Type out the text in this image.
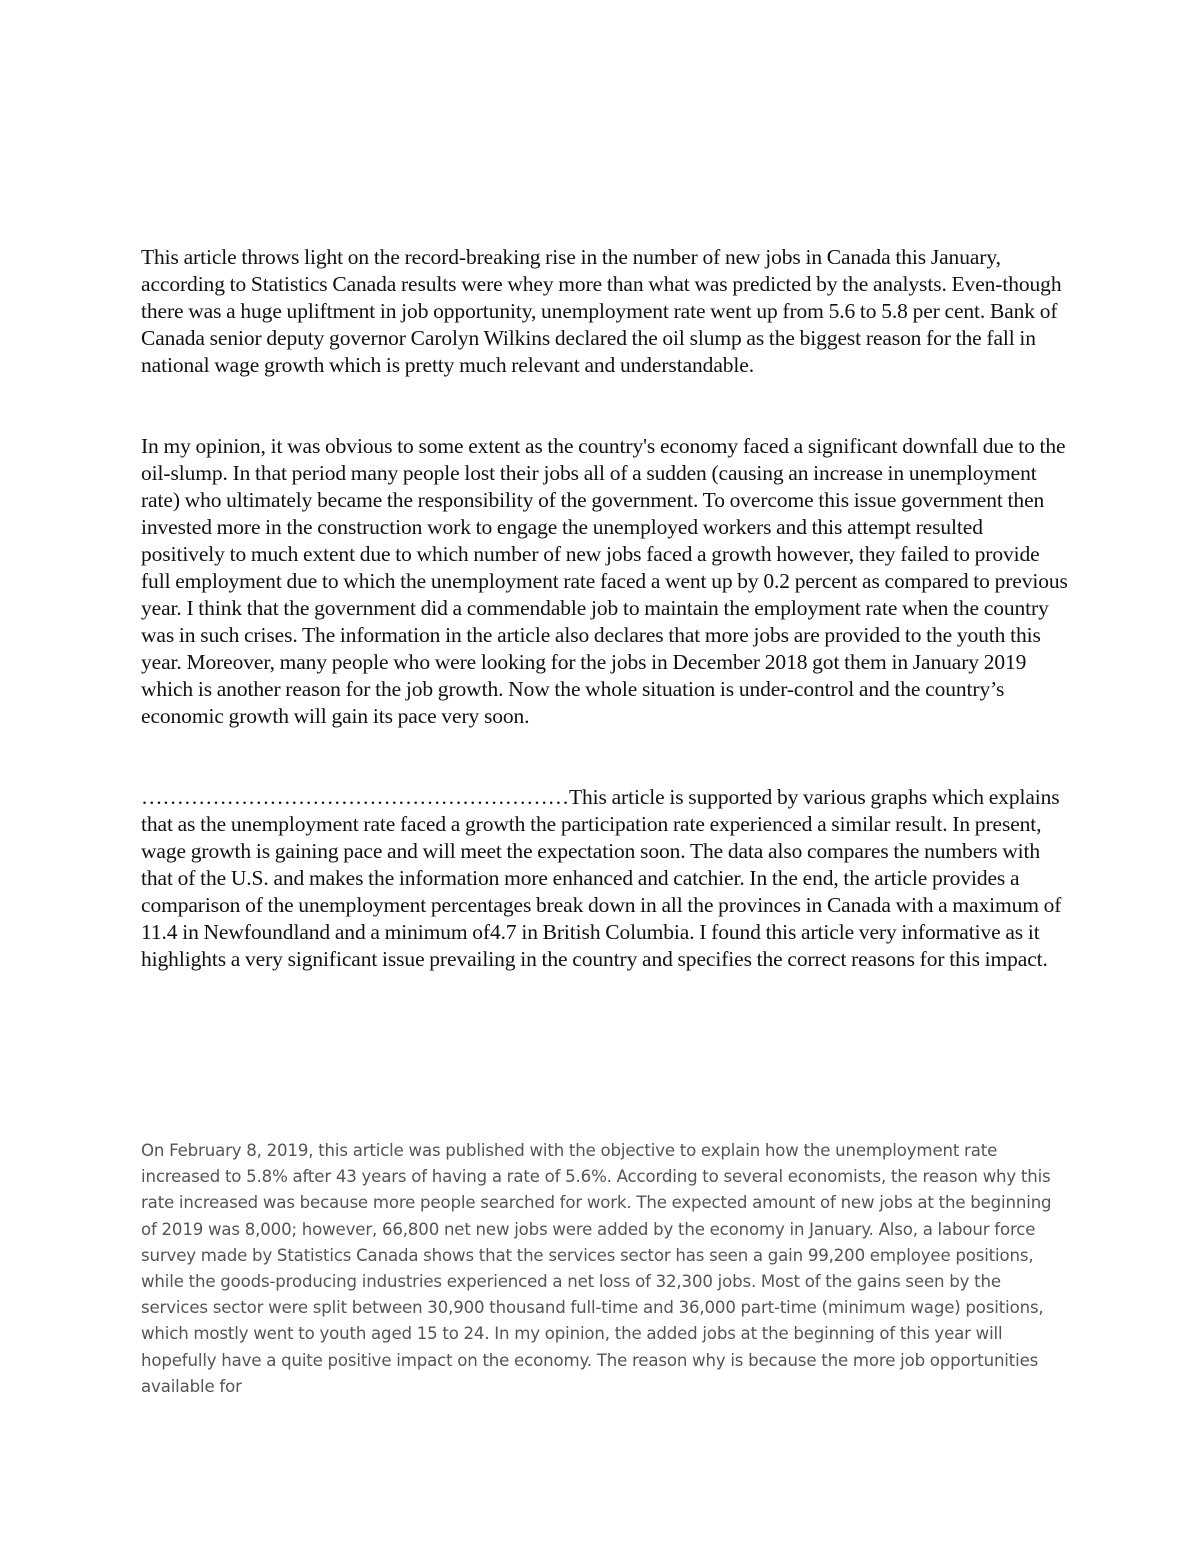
This article throws light on the record-breaking rise in the number of new jobs in Canada this January, according to Statistics Canada results were whey more than what was predicted by the analysts. Even-though there was a huge upliftment in job opportunity, unemployment rate went up from 5.6 to 5.8 per cent. Bank of Canada senior deputy governor Carolyn Wilkins declared the oil slump as the biggest reason for the fall in national wage growth which is pretty much relevant and understandable.

In my opinion, it was obvious to some extent as the country's economy faced a significant downfall due to the oil-slump. In that period many people lost their jobs all of a sudden (causing an increase in unemployment rate) who ultimately became the responsibility of the government. To overcome this issue government then invested more in the construction work to engage the unemployed workers and this attempt resulted positively to much extent due to which number of new jobs faced a growth however, they failed to provide full employment due to which the unemployment rate faced a went up by 0.2 percent as compared to previous year. I think that the government did a commendable job to maintain the employment rate when the country was in such crises. The information in the article also declares that more jobs are provided to the youth this year. Moreover, many people who were looking for the jobs in December 2018 got them in January 2019 which is another reason for the job growth. Now the whole situation is under-control and the country’s economic growth will gain its pace very soon.

……………………………………………………This article is supported by various graphs which explains that as the unemployment rate faced a growth the participation rate experienced a similar result. In present, wage growth is gaining pace and will meet the expectation soon. The data also compares the numbers with that of the U.S. and makes the information more enhanced and catchier. In the end, the article provides a comparison of the unemployment percentages break down in all the provinces in Canada with a maximum of 11.4 in Newfoundland and a minimum of4.7 in British Columbia. I found this article very informative as it highlights a very significant issue prevailing in the country and specifies the correct reasons for this impact.

On February 8, 2019, this article was published with the objective to explain how the unemployment rate increased to 5.8% after 43 years of having a rate of 5.6%. According to several economists, the reason why this rate increased was because more people searched for work. The expected amount of new jobs at the beginning of 2019 was 8,000; however, 66,800 net new jobs were added by the economy in January. Also, a labour force survey made by Statistics Canada shows that the services sector has seen a gain 99,200 employee positions, while the goods-producing industries experienced a net loss of 32,300 jobs. Most of the gains seen by the services sector were split between 30,900 thousand full-time and 36,000 part-time (minimum wage) positions, which mostly went to youth aged 15 to 24. In my opinion, the added jobs at the beginning of this year will hopefully have a quite positive impact on the economy. The reason why is because the more job opportunities available for
